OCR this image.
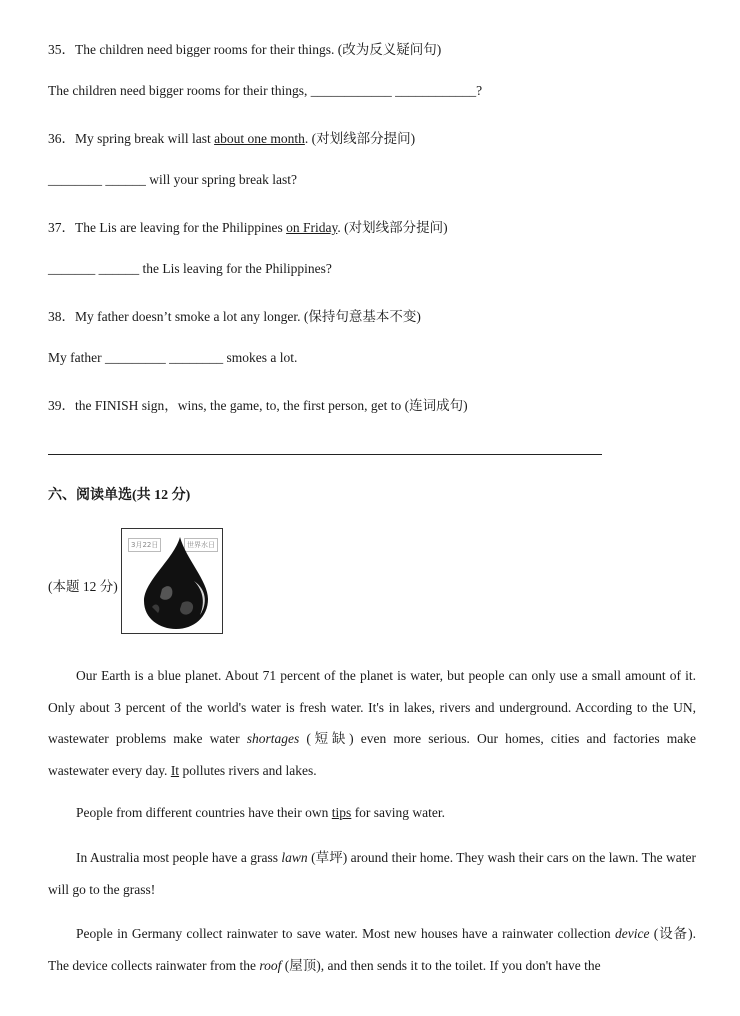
35．The children need bigger rooms for their things. (改为反义疑问句)
The children need bigger rooms for their things, ____________ ____________?
36．My spring break will last about one month. (对划线部分提问)
________ ______ will your spring break last?
37．The Lis are leaving for the Philippines on Friday. (对划线部分提问)
_______ ______ the Lis leaving for the Philippines?
38．My father doesn’t smoke a lot any longer. (保持句意基本不变)
My father _________ ________ smokes a lot.
39．the FINISH sign，wins, the game, to, the first person, get to (连词成句)
六、阅读单选(共 12 分)
(本题 12 分)
3月22日	世界水日
Our Earth is a blue planet. About 71 percent of the planet is water, but people can only use a small amount of it. Only about 3 percent of the world's water is fresh water. It's in lakes, rivers and underground. According to the UN, wastewater problems make water shortages (短缺) even more serious. Our homes, cities and factories make wastewater every day. It pollutes rivers and lakes.
People from different countries have their own tips for saving water.
In Australia most people have a grass lawn (草坪) around their home. They wash their cars on the lawn. The water will go to the grass!
People in Germany collect rainwater to save water. Most new houses have a rainwater collection device (设备). The device collects rainwater from the roof (屋顶), and then sends it to the toilet. If you don't have the
